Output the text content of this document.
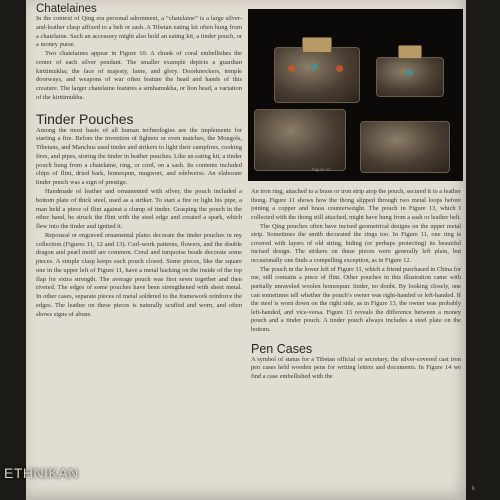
Chatelaines

In the context of Qing era personal adornment, a “chatelaine” is a large silver-and-leather clasp affixed to a belt or sash. A Tibetan eating kit often hung from a chatelaine. Such an accessory might also hold an eating kit, a tinder pouch, or a money purse.

Two chatelaines appear in Figure 10. A chunk of coral embellishes the center of each silver pendant. The smaller example depicts a guardian kirttimukha; the face of majesty, fame, and glory. Doorknockers, temple doorways, and weapons of war often feature the head and hands of this creature. The larger chatelaine features a simhamukha, or lion head, a variation of the kirttimukha.

Tinder Pouches

Among the most basic of all human technologies are the implements for starting a fire. Before the invention of lighters or even matches, the Mongols, Tibetans, and Manchus used tinder and strikers to light their campfires, cooking fires, and pipes, storing the tinder in leather pouches. Like an eating kit, a tinder pouch hung from a chatelaine, ring, or cord, on a sash. Its contents included chips of flint, dried bark, homespun, mugwort, and edelweiss. An elaborate tinder pouch was a sign of prestige.

Handmade of leather and ornamented with silver, the pouch included a bottom plate of thick steel, used as a striker. To start a fire or light his pipe, a man held a piece of flint against a clump of tinder. Grasping the pouch in the other hand, he struck the flint with the steel edge and created a spark, which flew into the tinder and ignited it.

Repoussé or engraved ornamental plates decorate the tinder pouches in my collection (Figures 11, 12 and 13). Curl-work patterns, flowers, and the double dragon and pearl motif are common. Coral and turquoise beads decorate some pieces. A simple clasp keeps each pouch closed. Some pieces, like the square one in the upper left of Figure 11, have a metal backing on the inside of the top flap for extra strength. The average pouch was first sewn together and then riveted. The edges of some pouches have been strengthened with sheet metal. In other cases, separate pieces of metal soldered to the framework reinforce the edges. The leather on these pieces is naturally scuffed and worn, and often shows signs of abuse.

Figure 11

An iron ring, attached to a brass or iron strip atop the pouch, secured it to a leather thong. Figure 11 shows how the thong slipped through two metal loops before joining a copper and brass counterweight. The pouch in Figure 13, which I collected with the thong still attached, might have hung from a sash or leather belt.

The Qing pouches often have incised geometrical designs on the upper metal strip. Sometimes the smith decorated the rings too. In Figure 11, one ring is covered with layers of old string, hiding (or perhaps protecting) its beautiful incised design. The strikers on these pieces were generally left plain, but occasionally one finds a compelling exception, as in Figure 12.

The pouch in the lower left of Figure 11, which a friend purchased in China for me, still contains a piece of flint. Other pouches in this illustration came with partially unraveled woolen homespun: tinder, no doubt. By looking closely, one can sometimes tell whether the pouch’s owner was right-handed or left-handed. If the steel is worn down on the right side, as in Figure 13, the owner was probably left-handed, and vice-versa. Figure 13 reveals the difference between a money pouch and a tinder pouch. A tinder pouch always includes a steel plate on the bottom.

Pen Cases

A symbol of status for a Tibetan official or secretary, the silver-covered cast iron pen cases held wooden pens for writing letters and documents. In Figure 14 we find a case embellished with the

ETHNIKAN
k
